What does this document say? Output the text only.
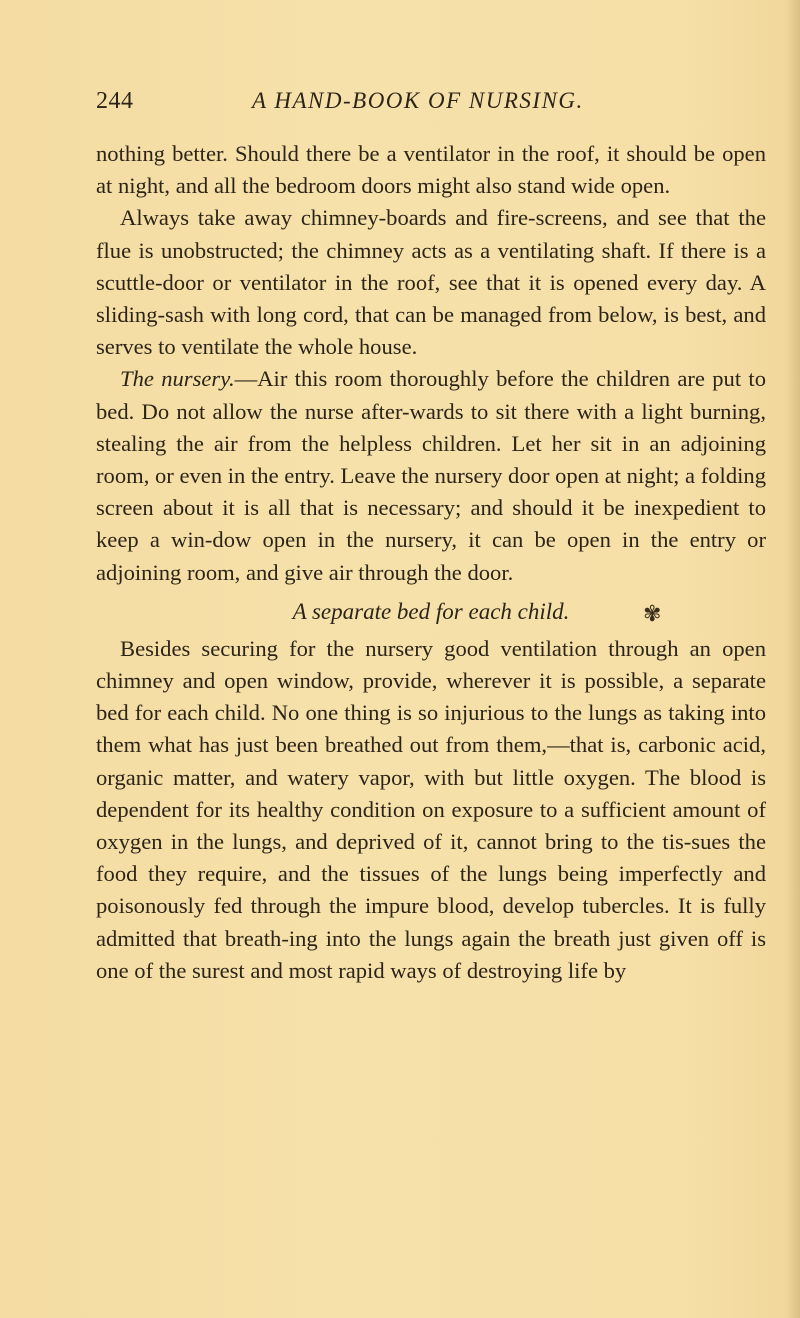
244	A HAND-BOOK OF NURSING.

nothing better. Should there be a ventilator in the roof, it should be open at night, and all the bedroom doors might also stand wide open.

Always take away chimney-boards and fire-screens, and see that the flue is unobstructed; the chimney acts as a ventilating shaft. If there is a scuttle-door or ventilator in the roof, see that it is opened every day. A sliding-sash with long cord, that can be managed from below, is best, and serves to ventilate the whole house.

The nursery.—Air this room thoroughly before the children are put to bed. Do not allow the nurse after-wards to sit there with a light burning, stealing the air from the helpless children. Let her sit in an adjoining room, or even in the entry. Leave the nursery door open at night; a folding screen about it is all that is necessary; and should it be inexpedient to keep a win-dow open in the nursery, it can be open in the entry or adjoining room, and give air through the door.

A separate bed for each child.	✾

Besides securing for the nursery good ventilation through an open chimney and open window, provide, wherever it is possible, a separate bed for each child. No one thing is so injurious to the lungs as taking into them what has just been breathed out from them,—that is, carbonic acid, organic matter, and watery vapor, with but little oxygen. The blood is dependent for its healthy condition on exposure to a sufficient amount of oxygen in the lungs, and deprived of it, cannot bring to the tis-sues the food they require, and the tissues of the lungs being imperfectly and poisonously fed through the impure blood, develop tubercles. It is fully admitted that breath-ing into the lungs again the breath just given off is one of the surest and most rapid ways of destroying life by
